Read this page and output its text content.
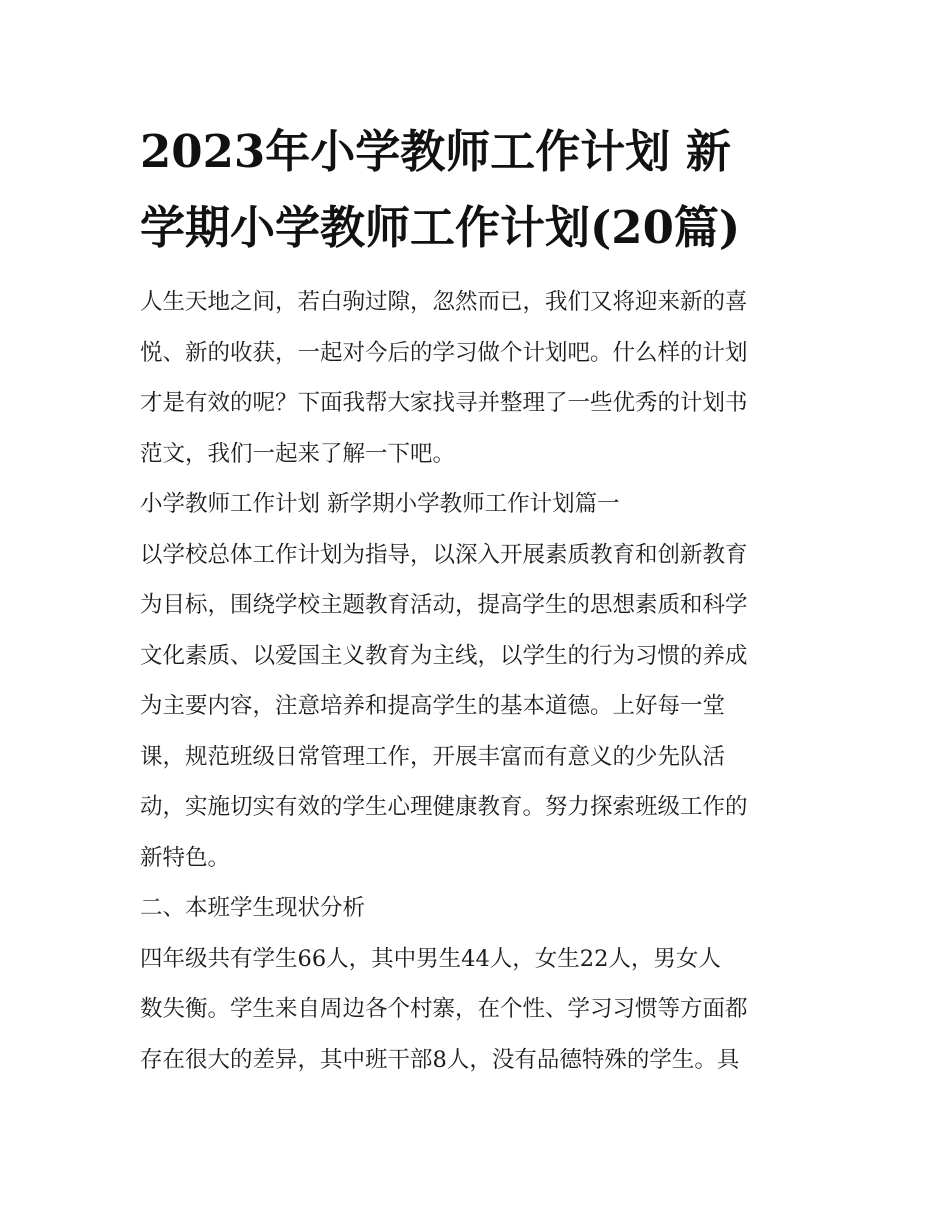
2023年小学教师工作计划 新
学期小学教师工作计划(20篇)
人生天地之间，若白驹过隙，忽然而已，我们又将迎来新的喜
悦、新的收获，一起对今后的学习做个计划吧。什么样的计划
才是有效的呢？下面我帮大家找寻并整理了一些优秀的计划书
范文，我们一起来了解一下吧。
小学教师工作计划 新学期小学教师工作计划篇一
以学校总体工作计划为指导，以深入开展素质教育和创新教育
为目标，围绕学校主题教育活动，提高学生的思想素质和科学
文化素质、以爱国主义教育为主线，以学生的行为习惯的养成
为主要内容，注意培养和提高学生的基本道德。上好每一堂
课，规范班级日常管理工作，开展丰富而有意义的少先队活
动，实施切实有效的学生心理健康教育。努力探索班级工作的
新特色。
二、本班学生现状分析
四年级共有学生66人，其中男生44人，女生22人，男女人
数失衡。学生来自周边各个村寨，在个性、学习习惯等方面都
存在很大的差异，其中班干部8人，没有品德特殊的学生。具
